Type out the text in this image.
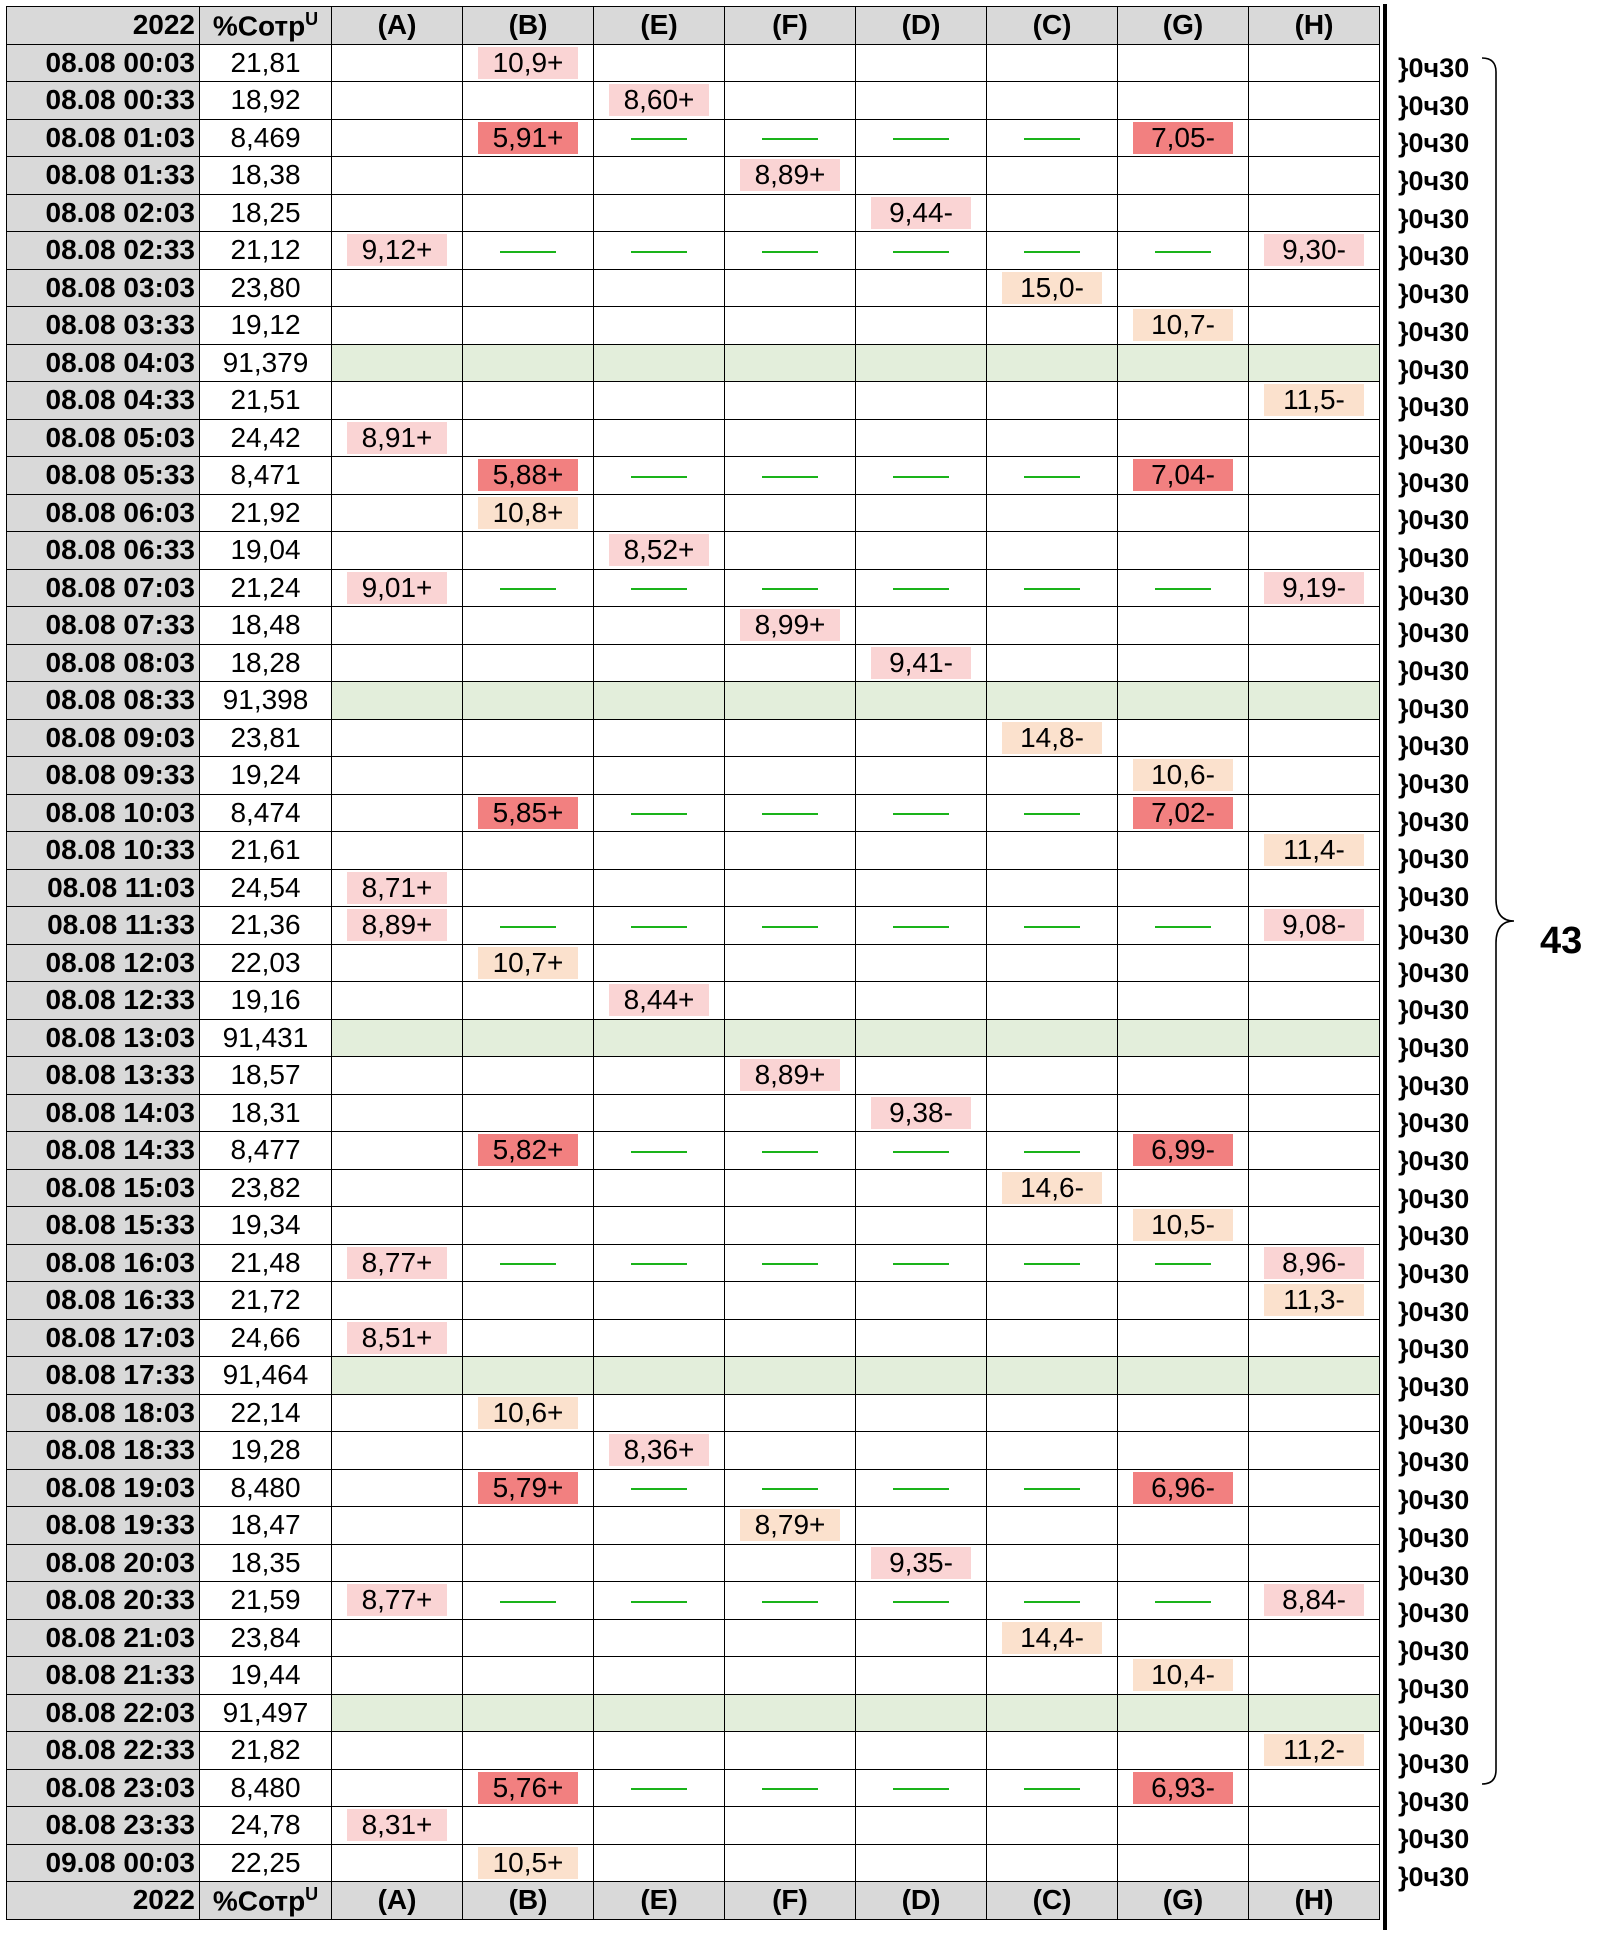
2022	%Сотр$^U$	(A)	(B)	(E)	(F)	(D)	(C)	(G)	(H)
08.08 00:03	21,81		10,9+						
08.08 00:33	18,92			8,60+					
08.08 01:03	8,469		5,91+					7,05-	
08.08 01:33	18,38				8,89+				
08.08 02:03	18,25					9,44-			
08.08 02:33	21,12	9,12+							9,30-
08.08 03:03	23,80						15,0-		
08.08 03:33	19,12							10,7-	
08.08 04:03	91,379								
08.08 04:33	21,51								11,5-
08.08 05:03	24,42	8,91+							
08.08 05:33	8,471		5,88+					7,04-	
08.08 06:03	21,92		10,8+						
08.08 06:33	19,04			8,52+					
08.08 07:03	21,24	9,01+							9,19-
08.08 07:33	18,48				8,99+				
08.08 08:03	18,28					9,41-			
08.08 08:33	91,398								
08.08 09:03	23,81						14,8-		
08.08 09:33	19,24							10,6-	
08.08 10:03	8,474		5,85+					7,02-	
08.08 10:33	21,61								11,4-
08.08 11:03	24,54	8,71+							
08.08 11:33	21,36	8,89+							9,08-
08.08 12:03	22,03		10,7+						
08.08 12:33	19,16			8,44+					
08.08 13:03	91,431								
08.08 13:33	18,57				8,89+				
08.08 14:03	18,31					9,38-			
08.08 14:33	8,477		5,82+					6,99-	
08.08 15:03	23,82						14,6-		
08.08 15:33	19,34							10,5-	
08.08 16:03	21,48	8,77+							8,96-
08.08 16:33	21,72								11,3-
08.08 17:03	24,66	8,51+							
08.08 17:33	91,464								
08.08 18:03	22,14		10,6+						
08.08 18:33	19,28			8,36+					
08.08 19:03	8,480		5,79+					6,96-	
08.08 19:33	18,47				8,79+				
08.08 20:03	18,35					9,35-			
08.08 20:33	21,59	8,77+							8,84-
08.08 21:03	23,84						14,4-		
08.08 21:33	19,44							10,4-	
08.08 22:03	91,497								
08.08 22:33	21,82								11,2-
08.08 23:03	8,480		5,76+					6,93-	
08.08 23:33	24,78	8,31+							
09.08 00:03	22,25		10,5+						
2022	%Сотр$^U$	(A)	(B)	(E)	(F)	(D)	(C)	(G)	(H)
}0ч30
}0ч30
}0ч30
}0ч30
}0ч30
}0ч30
}0ч30
}0ч30
}0ч30
}0ч30
}0ч30
}0ч30
}0ч30
}0ч30
}0ч30
}0ч30
}0ч30
}0ч30
}0ч30
}0ч30
}0ч30
}0ч30
}0ч30
}0ч30
}0ч30
}0ч30
}0ч30
}0ч30
}0ч30
}0ч30
}0ч30
}0ч30
}0ч30
}0ч30
}0ч30
}0ч30
}0ч30
}0ч30
}0ч30
}0ч30
}0ч30
}0ч30
}0ч30
}0ч30
}0ч30
}0ч30
}0ч30
}0ч30
}0ч30
43
